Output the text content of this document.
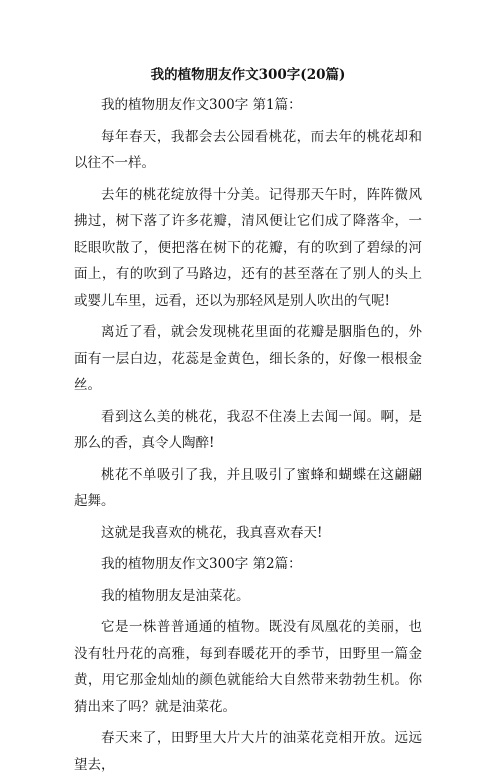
我的植物朋友作文300字(20篇)

我的植物朋友作文300字 第1篇：

每年春天，我都会去公园看桃花，而去年的桃花却和以往不一样。

去年的桃花绽放得十分美。记得那天午时，阵阵微风拂过，树下落了许多花瓣，清风便让它们成了降落伞，一眨眼吹散了，便把落在树下的花瓣，有的吹到了碧绿的河面上，有的吹到了马路边，还有的甚至落在了别人的头上或婴儿车里，远看，还以为那轻风是别人吹出的气呢!

离近了看，就会发现桃花里面的花瓣是胭脂色的，外面有一层白边，花蕊是金黄色，细长条的，好像一根根金丝。

看到这么美的桃花，我忍不住凑上去闻一闻。啊，是那么的香，真令人陶醉!

桃花不单吸引了我，并且吸引了蜜蜂和蝴蝶在这翩翩起舞。

这就是我喜欢的桃花，我真喜欢春天!

我的植物朋友作文300字 第2篇：

我的植物朋友是油菜花。

它是一株普普通通的植物。既没有凤凰花的美丽，也没有牡丹花的高雅，每到春暖花开的季节，田野里一篇金黄，用它那金灿灿的颜色就能给大自然带来勃勃生机。你猜出来了吗？就是油菜花。

春天来了，田野里大片大片的油菜花竞相开放。远远望去，
